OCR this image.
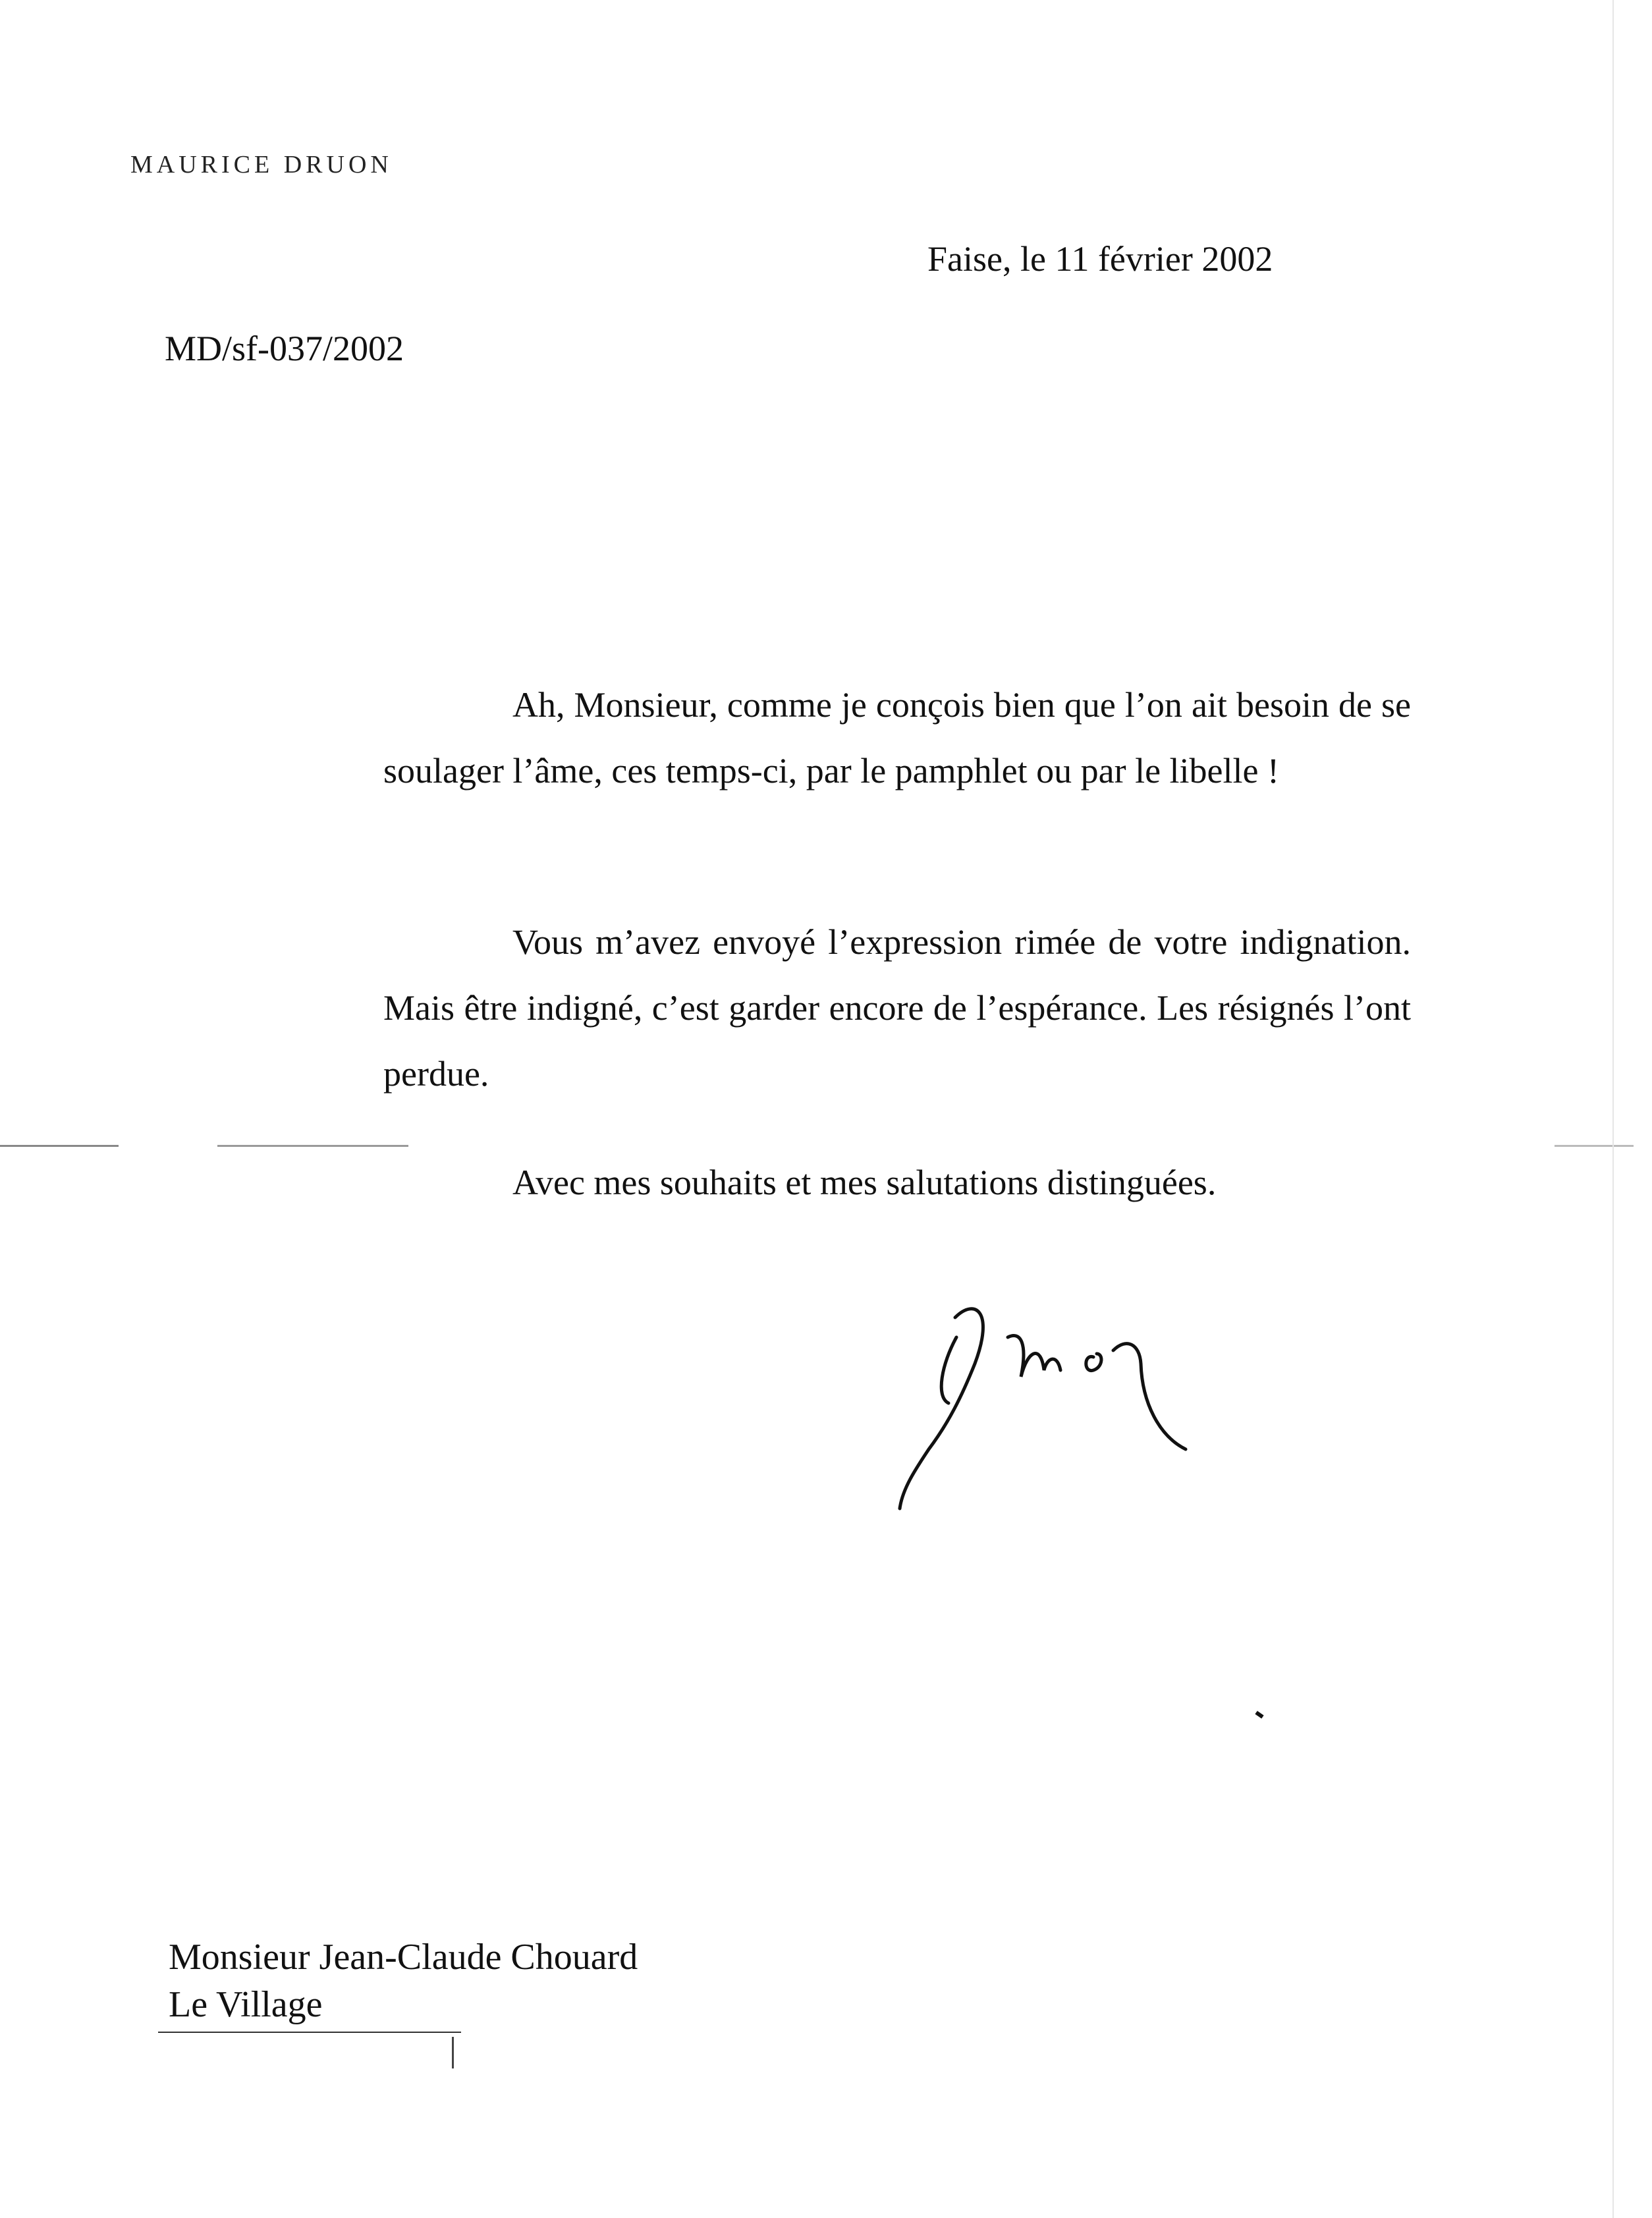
MAURICE DRUON
Faise, le 11 février 2002
MD/sf-037/2002

Ah, Monsieur, comme je conçois bien que l’on ait besoin de se soulager l’âme, ces temps-ci, par le pamphlet ou par le libelle !

Vous m’avez envoyé l’expression rimée de votre indignation. Mais être indigné, c’est garder encore de l’espérance. Les résignés l’ont perdue.

Avec mes souhaits et mes salutations distinguées.
Monsieur Jean-Claude Chouard
Le Village
